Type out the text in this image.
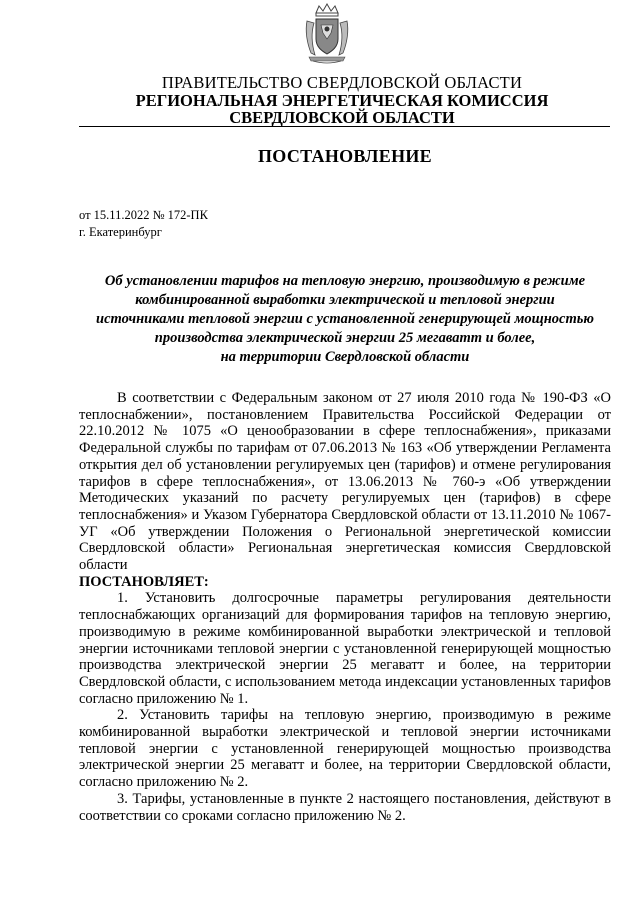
ПРАВИТЕЛЬСТВО СВЕРДЛОВСКОЙ ОБЛАСТИ
РЕГИОНАЛЬНАЯ ЭНЕРГЕТИЧЕСКАЯ КОМИССИЯ
СВЕРДЛОВСКОЙ ОБЛАСТИ
ПОСТАНОВЛЕНИЕ
от 15.11.2022 № 172-ПК
г. Екатеринбург
Об установлении тарифов на тепловую энергию, производимую в режиме
комбинированной выработки электрической и тепловой энергии
источниками тепловой энергии с установленной генерирующей мощностью
производства электрической энергии 25 мегаватт и более,
на территории Свердловской области

В соответствии с Федеральным законом от 27 июля 2010 года № 190-ФЗ «О теплоснабжении», постановлением Правительства Российской Федерации от 22.10.2012 № 1075 «О ценообразовании в сфере теплоснабжения», приказами Федеральной службы по тарифам от 07.06.2013 № 163 «Об утверждении Регламента открытия дел об установлении регулируемых цен (тарифов) и отмене регулирования тарифов в сфере теплоснабжения», от 13.06.2013 № 760-э «Об утверждении Методических указаний по расчету регулируемых цен (тарифов) в сфере теплоснабжения» и Указом Губернатора Свердловской области от 13.11.2010 № 1067-УГ «Об утверждении Положения о Региональной энергетической комиссии Свердловской области» Региональная энергетическая комиссия Свердловской области

ПОСТАНОВЛЯЕТ:

1. Установить долгосрочные параметры регулирования деятельности теплоснабжающих организаций для формирования тарифов на тепловую энергию, производимую в режиме комбинированной выработки электрической и тепловой энергии источниками тепловой энергии с установленной генерирующей мощностью производства электрической энергии 25 мегаватт и более, на территории Свердловской области, с использованием метода индексации установленных тарифов согласно приложению № 1.

2. Установить тарифы на тепловую энергию, производимую в режиме комбинированной выработки электрической и тепловой энергии источниками тепловой энергии с установленной генерирующей мощностью производства электрической энергии 25 мегаватт и более, на территории Свердловской области, согласно приложению № 2.

3. Тарифы, установленные в пункте 2 настоящего постановления, действуют в соответствии со сроками согласно приложению № 2.
